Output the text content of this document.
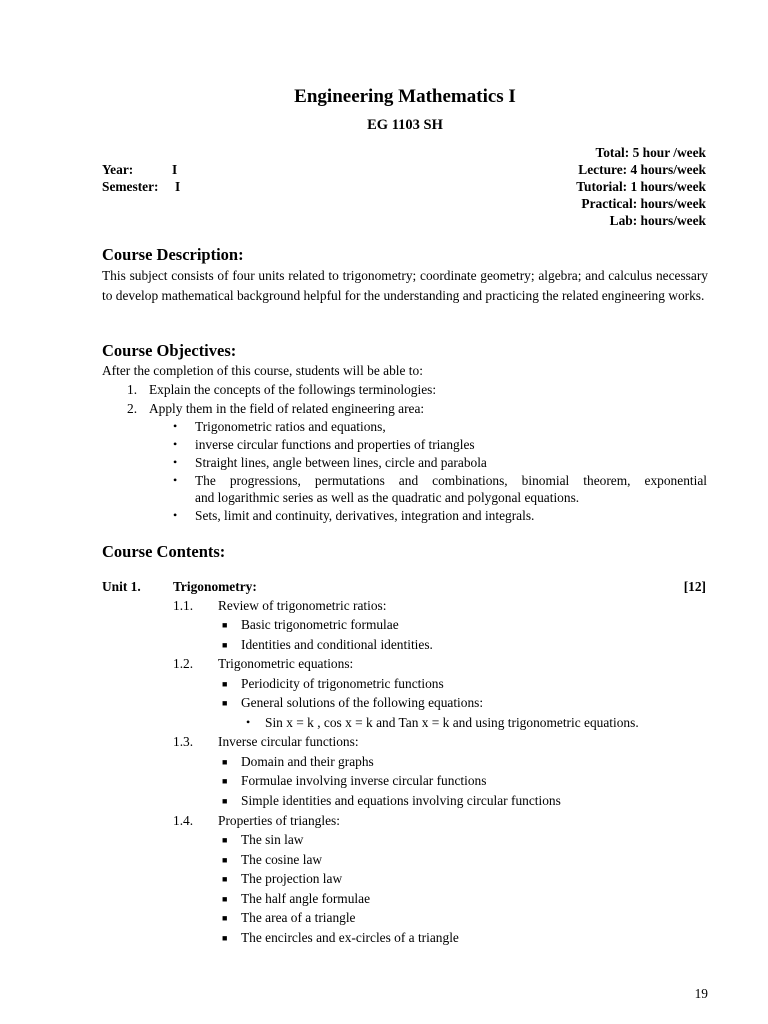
Engineering Mathematics I
EG 1103 SH
Total: 5 hour /week
Lecture: 4 hours/week
Tutorial: 1 hours/week
Practical: hours/week
Lab: hours/week
Year:	I
Semester: I
Course Description:
This subject consists of four units related to trigonometry; coordinate geometry; algebra; and calculus necessary to develop mathematical background helpful for the understanding and practicing the related engineering works.
Course Objectives:
After the completion of this course, students will be able to:
1. Explain the concepts of the followings terminologies:
2. Apply them in the field of related engineering area:
• Trigonometric ratios and equations,
• inverse circular functions and properties of triangles
• Straight lines, angle between lines, circle and parabola
• The progressions, permutations and combinations, binomial theorem, exponential
and logarithmic series as well as the quadratic and polygonal equations.
• Sets, limit and continuity, derivatives, integration and integrals.
Course Contents:
Unit 1. Trigonometry:	[12]
1.1. Review of trigonometric ratios:
■ Basic trigonometric formulae
■ Identities and conditional identities.
1.2. Trigonometric equations:
■ Periodicity of trigonometric functions
■ General solutions of the following equations:
• Sin x = k , cos x = k and Tan x = k and using trigonometric equations.
1.3. Inverse circular functions:
■ Domain and their graphs
■ Formulae involving inverse circular functions
■ Simple identities and equations involving circular functions
1.4. Properties of triangles:
■ The sin law
■ The cosine law
■ The projection law
■ The half angle formulae
■ The area of a triangle
■ The encircles and ex-circles of a triangle
19
